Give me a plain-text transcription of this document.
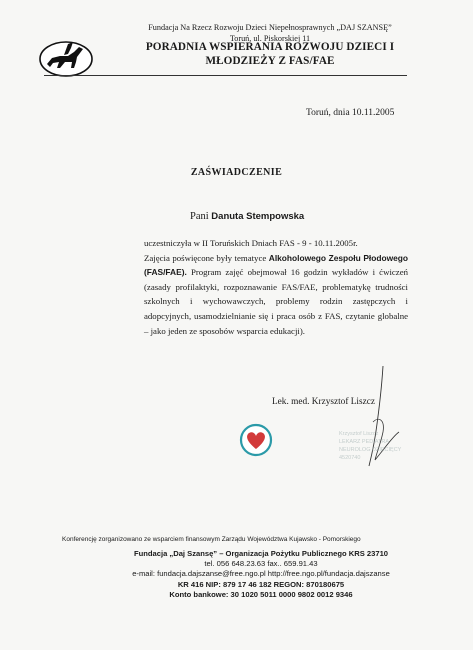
Fundacja Na Rzecz Rozwoju Dzieci Niepełnosprawnych „DAJ SZANSĘ”
Toruń, ul. Piskorskiej 11
PORADNIA WSPIERANIA ROZWOJU DZIECI I
MŁODZIEŻY Z FAS/FAE
Toruń, dnia 10.11.2005
ZAŚWIADCZENIE
Pani Danuta Stempowska
uczestniczyła w II Toruńskich Dniach FAS - 9 - 10.11.2005r.
Zajęcia poświęcone były tematyce Alkoholowego Zespołu Płodowego (FAS/FAE). Program zajęć obejmował 16 godzin wykładów i ćwiczeń (zasady profilaktyki, rozpoznawanie FAS/FAE, problematykę trudności szkolnych i wychowawczych, problemy rodzin zastępczych i adopcyjnych, usamodzielnianie się i praca osób z FAS, czytanie globalne – jako jeden ze sposobów wsparcia edukacji).
Lek. med. Krzysztof Liszcz
Krzysztof Liszcz
LEKARZ PEDIATRA
NEUROLOG DZIECIĘCY
4520740
Konferencję zorganizowano ze wsparciem finansowym Zarządu Województwa Kujawsko - Pomorskiego
Fundacja „Daj Szansę” – Organizacja Pożytku Publicznego KRS 23710
tel. 056 648.23.63 fax.. 659.91.43
e-mail: fundacja.dajszanse@free.ngo.pl http://free.ngo.pl/fundacja.dajszanse
KR 416 NIP: 879 17 46 182 REGON: 870180675
Konto bankowe: 30 1020 5011 0000 9802 0012 9346
